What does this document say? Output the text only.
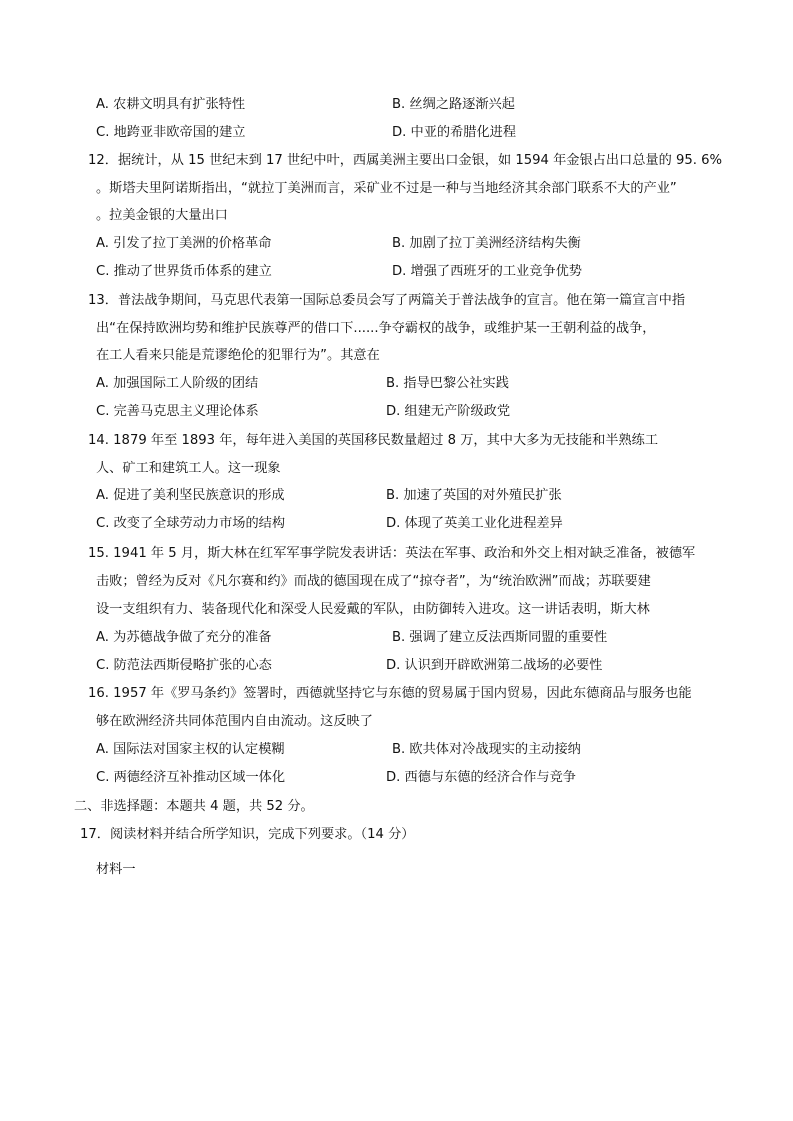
A. 农耕文明具有扩张特性	B. 丝绸之路逐渐兴起
C. 地跨亚非欧帝国的建立	D. 中亚的希腊化进程
12．据统计，从 15 世纪末到 17 世纪中叶，西属美洲主要出口金银，如 1594 年金银占出口总量的 95. 6%
。斯塔夫里阿诺斯指出，“就拉丁美洲而言，采矿业不过是一种与当地经济其余部门联系不大的产业”
。拉美金银的大量出口
A. 引发了拉丁美洲的价格革命	B. 加剧了拉丁美洲经济结构失衡
C. 推动了世界货币体系的建立	D. 增强了西班牙的工业竞争优势
13．普法战争期间，马克思代表第一国际总委员会写了两篇关于普法战争的宣言。他在第一篇宣言中指
出“在保持欧洲均势和维护民族尊严的借口下......争夺霸权的战争，或维护某一王朝利益的战争，
在工人看来只能是荒谬绝伦的犯罪行为”。其意在
A. 加强国际工人阶级的团结	B. 指导巴黎公社实践
C. 完善马克思主义理论体系	D. 组建无产阶级政党
14. 1879 年至 1893 年，每年进入美国的英国移民数量超过 8 万，其中大多为无技能和半熟练工
人、矿工和建筑工人。这一现象
A. 促进了美利坚民族意识的形成	B. 加速了英国的对外殖民扩张
C. 改变了全球劳动力市场的结构	D. 体现了英美工业化进程差异
15. 1941 年 5 月，斯大林在红军军事学院发表讲话：英法在军事、政治和外交上相对缺乏准备，被德军
击败；曾经为反对《凡尔赛和约》而战的德国现在成了“掠夺者”，为“统治欧洲”而战；苏联要建
设一支组织有力、装备现代化和深受人民爱戴的军队，由防御转入进攻。这一讲话表明，斯大林
A. 为苏德战争做了充分的准备	B. 强调了建立反法西斯同盟的重要性
C. 防范法西斯侵略扩张的心态	D. 认识到开辟欧洲第二战场的必要性
16. 1957 年《罗马条约》签署时，西德就坚持它与东德的贸易属于国内贸易，因此东德商品与服务也能
够在欧洲经济共同体范围内自由流动。这反映了
A. 国际法对国家主权的认定模糊	B. 欧共体对冷战现实的主动接纳
C. 两德经济互补推动区域一体化	D. 西德与东德的经济合作与竞争
二、非选择题：本题共 4 题，共 52 分。
17．阅读材料并结合所学知识，完成下列要求。（14 分）
材料一
